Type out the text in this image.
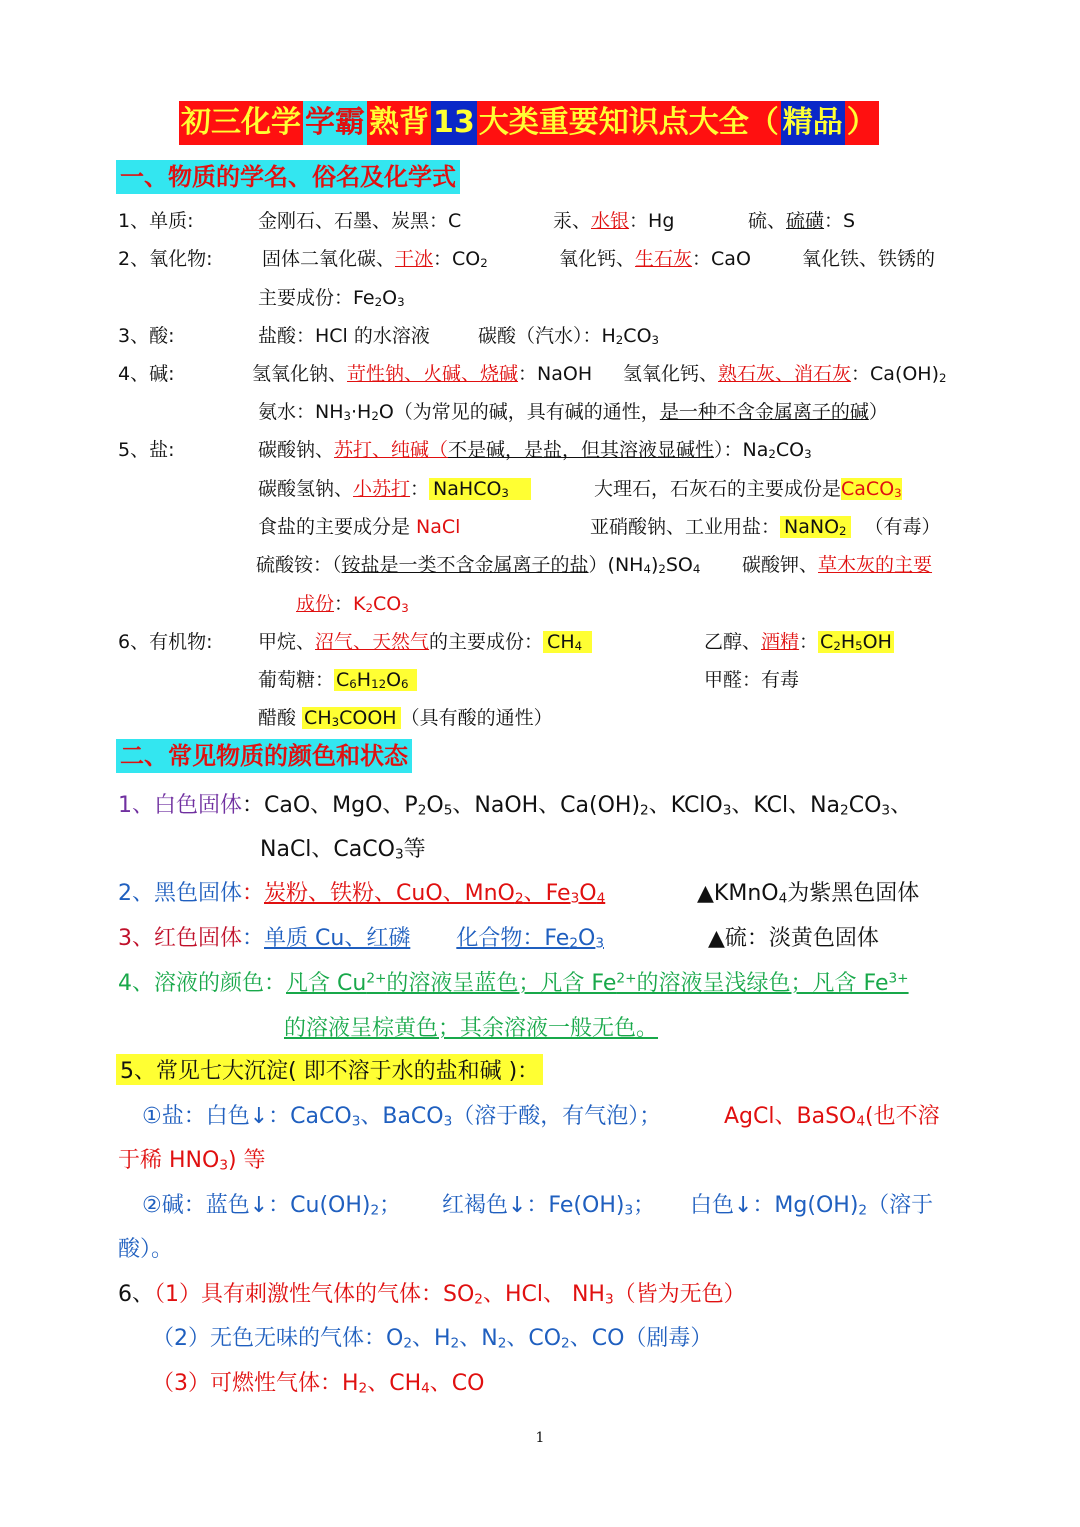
初三化学 学霸 熟背 13 大类重要知识点大全（ 精品 ）
一、物质的学名、俗名及化学式
1、单质:	金刚石、石墨、炭黑：C	汞、水银：Hg	硫、硫磺：S
2、氧化物:	固体二氧化碳、干冰：$CO_2$	氧化钙、生石灰：CaO	氧化铁、铁锈的
主要成份：$Fe_2O_3$
3、酸:	盐酸：HCl 的水溶液	碳酸（汽水）：$H_2CO_3$
4、碱:	氢氧化钠、苛性钠、火碱、烧碱：NaOH 氢氧化钙、熟石灰、消石灰：$Ca(OH)_2$
氨水：$NH_3\cdot H_2O$（为常见的碱，具有碱的通性，是一种不含金属离子的碱）
5、盐:	碳酸钠、苏打、纯碱（不是碱，是盐，但其溶液显碱性）：$Na_2CO_3$
碳酸氢钠、小苏打： NaHCO$_3$	大理石，石灰石的主要成份是CaCO$_3$
食盐的主要成分是 NaCl	亚硝酸钠、工业用盐： NaNO$_2$ （有毒）
硫酸铵：（铵盐是一类不含金属离子的盐）$(NH_4)_2SO_4$ 碳酸钾、草木灰的主要
成份：$K_2CO_3$
6、有机物: 甲烷、沼气、天然气的主要成份： $CH_4$	乙醇、酒精： $C_2H_5OH$
葡萄糖： $C_6H_{12}O_6$	甲醛：有毒
醋酸 $CH_3COOH$ （具有酸的通性）
二、常见物质的颜色和状态
1、白色固体：CaO、MgO、$P_2O_5$、NaOH、$Ca(OH)_2$、KClO$_3$、KCl、$Na_2CO_3$、
NaCl、CaCO$_3$等
2、黑色固体：炭粉、铁粉、CuO、MnO$_2$、$Fe_3O_4$	▲KMnO$_4$为紫黑色固体
3、红色固体：单质 Cu、红磷 化合物：$Fe_2O_3$	▲硫：淡黄色固体
4、溶液的颜色：凡含 $Cu^{2+}$的溶液呈蓝色；凡含 $Fe^{2+}$的溶液呈浅绿色；凡含 $Fe^{3+}$
的溶液呈棕黄色；其余溶液一般无色。
5、常见七大沉淀( 即不溶于水的盐和碱 )：
①盐：白色↓：CaCO$_3$、BaCO$_3$（溶于酸，有气泡）；	AgCl、BaSO$_4$(也不溶
于稀 $HNO_3$) 等
②碱：蓝色↓：$Cu(OH)_2$； 红褐色↓：$Fe(OH)_3$； 白色↓：$Mg(OH)_2$（溶于
酸）。
6、（1）具有刺激性气体的气体：$SO_2$、HCl、 $NH_3$（皆为无色）
（2）无色无味的气体：$O_2$、$H_2$、$N_2$、$CO_2$、CO（剧毒）
（3）可燃性气体：$H_2$、$CH_4$、CO
1
